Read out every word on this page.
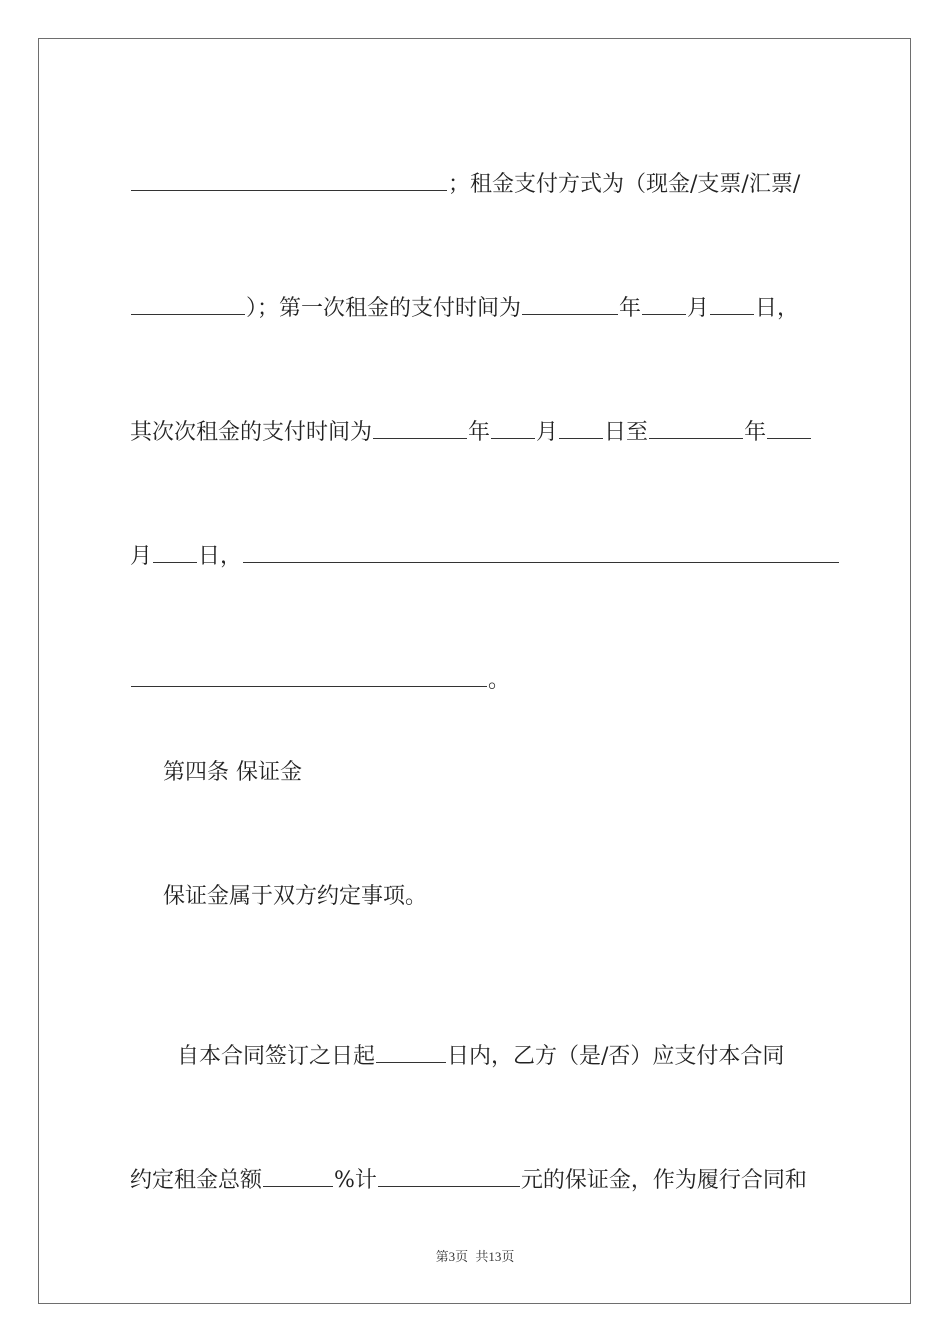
；租金支付方式为（现金/支票/汇票/

）；第一次租金的支付时间为	年 月 日，

其次次租金的支付时间为	年 月 日至	年

月 日，

。

第四条 保证金
保证金属于双方约定事项。

自本合同签订之日起	日内，乙方（是/否）应支付本合同

约定租金总额	%计	元的保证金，作为履行合同和

第3页 共13页
